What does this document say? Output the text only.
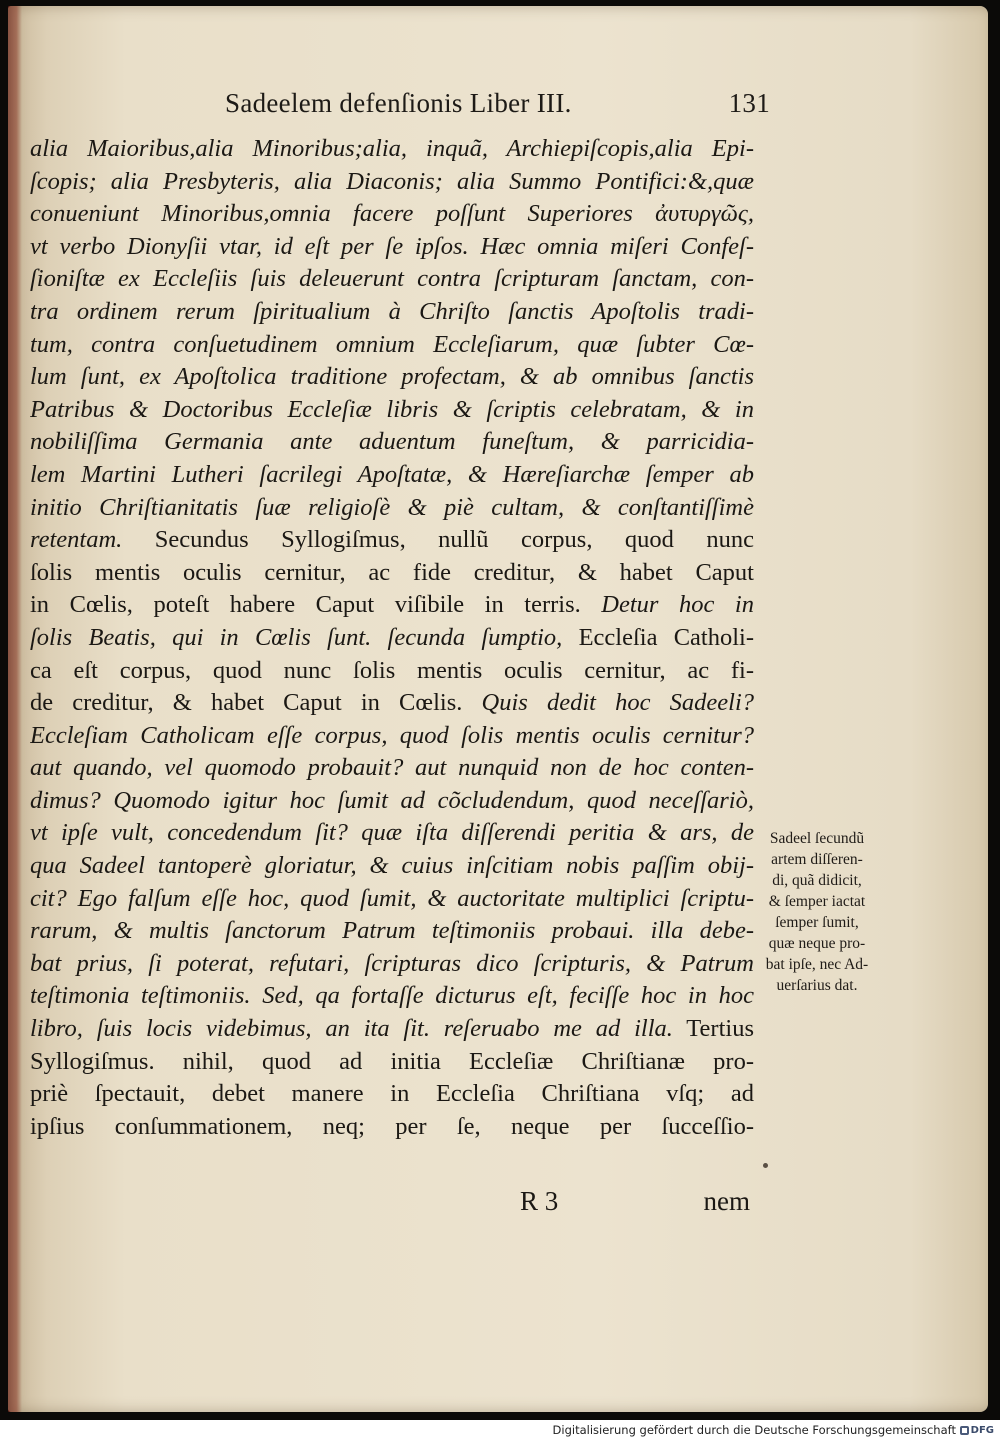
Sadeelem defenſionis Liber III.	131
alia Maioribus,alia Minoribus;alia, inquã, Archiepiſcopis,alia Epi-
ſcopis; alia Presbyteris, alia Diaconis; alia Summo Pontifici:&,quæ
conueniunt Minoribus,omnia facere poſſunt Superiores ἀυτυργῶς,
vt verbo Dionyſii vtar, id eſt per ſe ipſos. Hæc omnia miſeri Confeſ-
ſioniſtæ ex Eccleſiis ſuis deleuerunt contra ſcripturam ſanctam, con-
tra ordinem rerum ſpiritualium à Chriſto ſanctis Apoſtolis tradi-
tum, contra conſuetudinem omnium Eccleſiarum, quæ ſubter Cœ-
lum ſunt, ex Apoſtolica traditione profectam, & ab omnibus ſanctis
Patribus & Doctoribus Eccleſiæ libris & ſcriptis celebratam, & in
nobiliſſima Germania ante aduentum funeſtum, & parricidia-
lem Martini Lutheri ſacrilegi Apoſtatæ, & Hæreſiarchæ ſemper ab
initio Chriſtianitatis ſuæ religioſè & piè cultam, & conſtantiſſimè
retentam. Secundus Syllogiſmus, nullũ corpus, quod nunc
ſolis mentis oculis cernitur, ac fide creditur, & habet Caput
in Cœlis, poteſt habere Caput viſibile in terris. Detur hoc in
ſolis Beatis, qui in Cœlis ſunt. ſecunda ſumptio, Eccleſia Catholi-
ca eſt corpus, quod nunc ſolis mentis oculis cernitur, ac fi-
de creditur, & habet Caput in Cœlis. Quis dedit hoc Sadeeli?
Eccleſiam Catholicam eſſe corpus, quod ſolis mentis oculis cernitur?
aut quando, vel quomodo probauit? aut nunquid non de hoc conten-
dimus? Quomodo igitur hoc ſumit ad cõcludendum, quod neceſſariò,
vt ipſe vult, concedendum ſit? quæ iſta diſſerendi peritia & ars, de
qua Sadeel tantoperè gloriatur, & cuius inſcitiam nobis paſſim obij-
cit? Ego falſum eſſe hoc, quod ſumit, & auctoritate multiplici ſcriptu-
rarum, & multis ſanctorum Patrum teſtimoniis probaui. illa debe-
bat prius, ſi poterat, refutari, ſcripturas dico ſcripturis, & Patrum
teſtimonia teſtimoniis. Sed, qa fortaſſe dicturus eſt, feciſſe hoc in hoc
libro, ſuis locis videbimus, an ita ſit. reſeruabo me ad illa. Tertius
Syllogiſmus. nihil, quod ad initia Eccleſiæ Chriſtianæ pro-
priè ſpectauit, debet manere in Eccleſia Chriſtiana vſq; ad
ipſius conſummationem, neq; per ſe, neque per ſucceſſio-
Sadeel ſecundũ
artem diſſeren-
di, quã didicit,
& ſemper iactat
ſemper ſumit,
quæ neque pro-
bat ipſe, nec Ad-
uerſarius dat.
R 3	nem
Digitalisierung gefördert durch die Deutsche Forschungsgemeinschaft DFG
